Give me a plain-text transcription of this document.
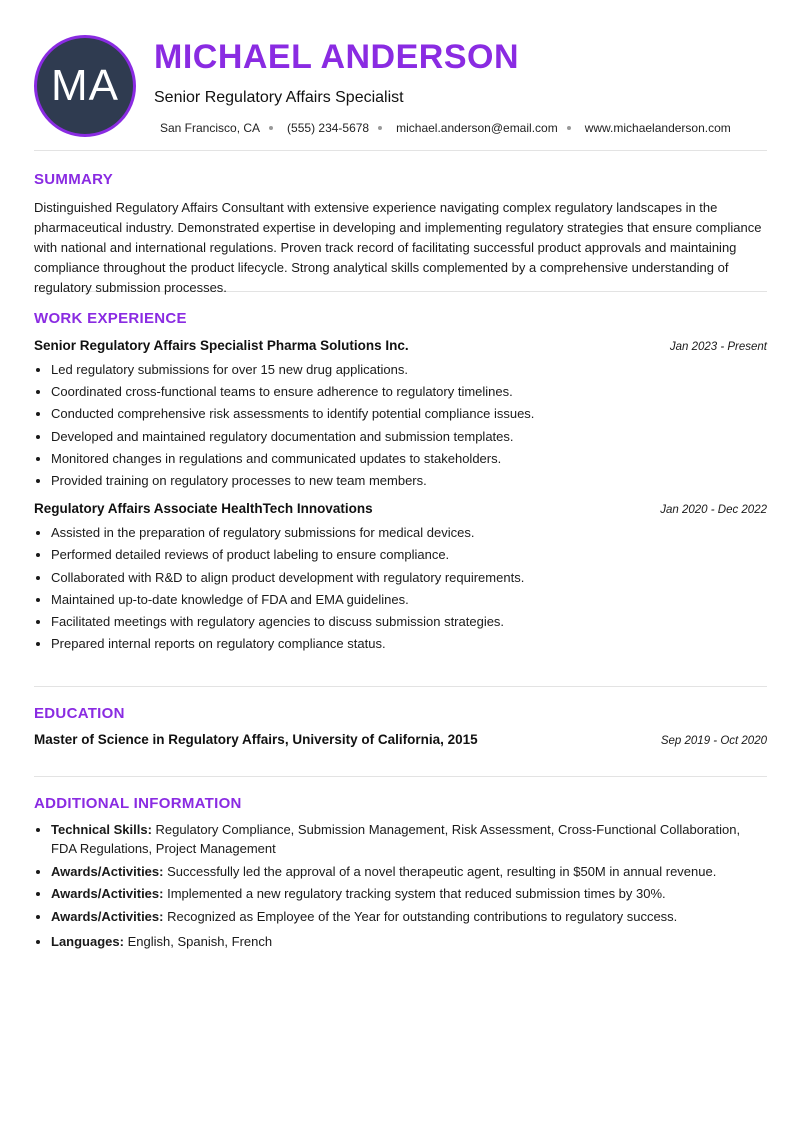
MA
MICHAEL ANDERSON
Senior Regulatory Affairs Specialist
San Francisco, CA (555) 234-5678 michael.anderson@email.com www.michaelanderson.com
SUMMARY

Distinguished Regulatory Affairs Consultant with extensive experience navigating complex regulatory landscapes in the pharmaceutical industry. Demonstrated expertise in developing and implementing regulatory strategies that ensure compliance with national and international regulations. Proven track record of facilitating successful product approvals and maintaining compliance throughout the product lifecycle. Strong analytical skills complemented by a comprehensive understanding of regulatory submission processes.

WORK EXPERIENCE
Senior Regulatory Affairs Specialist Pharma Solutions Inc.	Jan 2023 - Present
• Led regulatory submissions for over 15 new drug applications.
• Coordinated cross-functional teams to ensure adherence to regulatory timelines.
• Conducted comprehensive risk assessments to identify potential compliance issues.
• Developed and maintained regulatory documentation and submission templates.
• Monitored changes in regulations and communicated updates to stakeholders.
• Provided training on regulatory processes to new team members.
Regulatory Affairs Associate HealthTech Innovations	Jan 2020 - Dec 2022
• Assisted in the preparation of regulatory submissions for medical devices.
• Performed detailed reviews of product labeling to ensure compliance.
• Collaborated with R&D to align product development with regulatory requirements.
• Maintained up-to-date knowledge of FDA and EMA guidelines.
• Facilitated meetings with regulatory agencies to discuss submission strategies.
• Prepared internal reports on regulatory compliance status.
EDUCATION
Master of Science in Regulatory Affairs, University of California, 2015	Sep 2019 - Oct 2020
ADDITIONAL INFORMATION
• Technical Skills: Regulatory Compliance, Submission Management, Risk Assessment, Cross-Functional Collaboration, FDA Regulations, Project Management
• Awards/Activities: Successfully led the approval of a novel therapeutic agent, resulting in $50M in annual revenue.
• Awards/Activities: Implemented a new regulatory tracking system that reduced submission times by 30%.
• Awards/Activities: Recognized as Employee of the Year for outstanding contributions to regulatory success.
• Languages: English, Spanish, French
